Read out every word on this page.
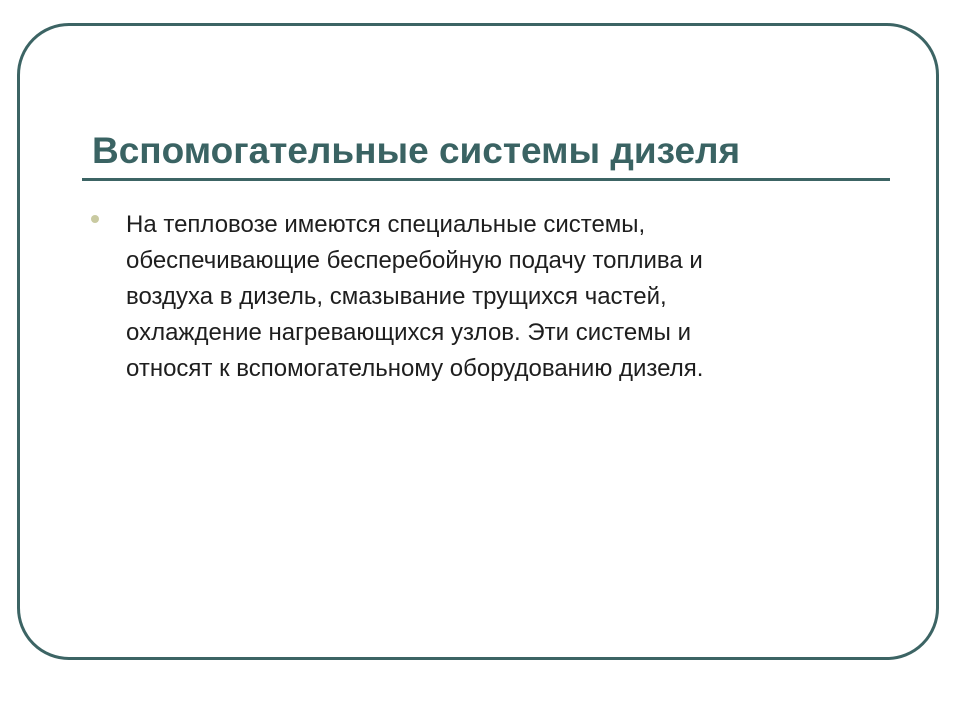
Вспомогательные системы дизеля

На тепловозе имеются специальные системы,
обеспечивающие бесперебойную подачу топлива и
воздуха в дизель, смазывание трущихся частей,
охлаждение нагревающихся узлов. Эти системы и
относят к вспомогательному оборудованию дизеля.
